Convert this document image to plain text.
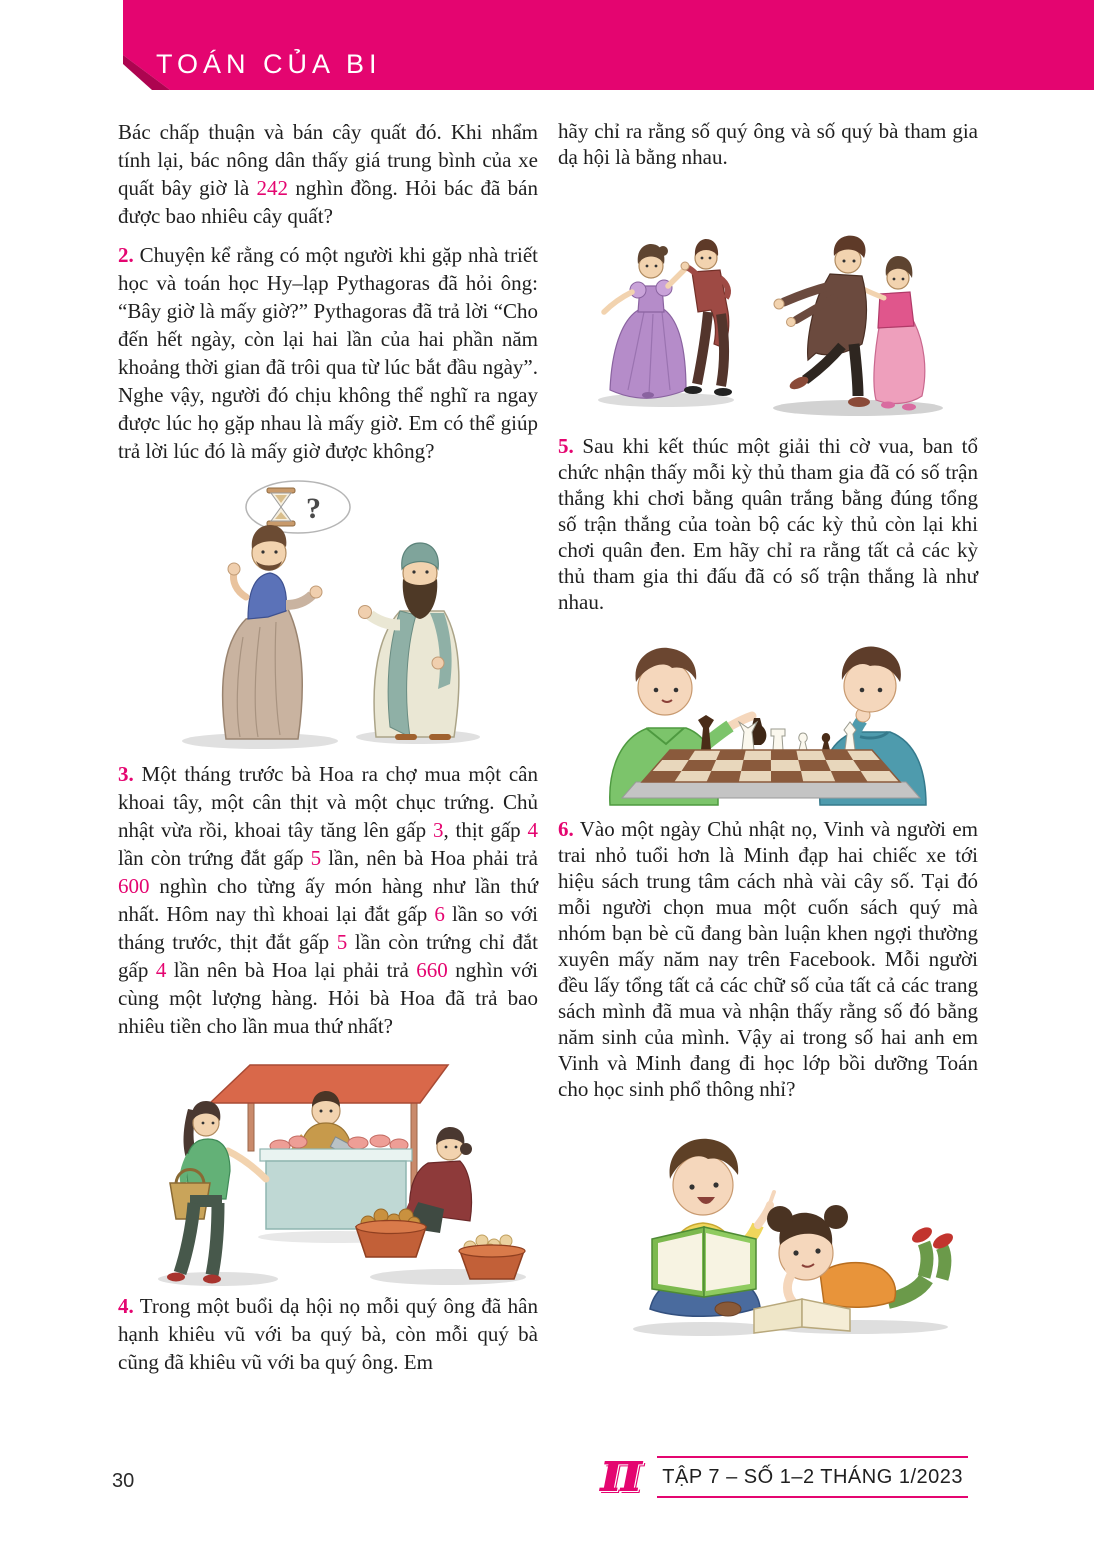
TOÁN CỦA BI

Bác chấp thuận và bán cây quất đó. Khi nhẩm tính lại, bác nông dân thấy giá trung bình của xe quất bây giờ là 242 nghìn đồng. Hỏi bác đã bán được bao nhiêu cây quất?

2. Chuyện kể rằng có một người khi gặp nhà triết học và toán học Hy–lạp Pythagoras đã hỏi ông: “Bây giờ là mấy giờ?” Pythagoras đã trả lời “Cho đến hết ngày, còn lại hai lần của hai phần năm khoảng thời gian đã trôi qua từ lúc bắt đầu ngày”. Nghe vậy, người đó chịu không thể nghĩ ra ngay được lúc họ gặp nhau là mấy giờ. Em có thể giúp trả lời lúc đó là mấy giờ được không?

?

3. Một tháng trước bà Hoa ra chợ mua một cân khoai tây, một cân thịt và một chục trứng. Chủ nhật vừa rồi, khoai tây tăng lên gấp 3, thịt gấp 4 lần còn trứng đắt gấp 5 lần, nên bà Hoa phải trả 600 nghìn cho từng ấy món hàng như lần thứ nhất. Hôm nay thì khoai lại đắt gấp 6 lần so với tháng trước, thịt đắt gấp 5 lần còn trứng chỉ đắt gấp 4 lần nên bà Hoa lại phải trả 660 nghìn với cùng một lượng hàng. Hỏi bà Hoa đã trả bao nhiêu tiền cho lần mua thứ nhất?

4. Trong một buổi dạ hội nọ mỗi quý ông đã hân hạnh khiêu vũ với ba quý bà, còn mỗi quý bà cũng đã khiêu vũ với ba quý ông. Em

hãy chỉ ra rằng số quý ông và số quý bà tham gia dạ hội là bằng nhau.

5. Sau khi kết thúc một giải thi cờ vua, ban tổ chức nhận thấy mỗi kỳ thủ tham gia đã có số trận thắng khi chơi bằng quân trắng bằng đúng tổng số trận thắng của toàn bộ các kỳ thủ còn lại khi chơi quân đen. Em hãy chỉ ra rằng tất cả các kỳ thủ tham gia thi đấu đã có số trận thắng là như nhau.

6. Vào một ngày Chủ nhật nọ, Vinh và người em trai nhỏ tuổi hơn là Minh đạp hai chiếc xe tới hiệu sách trung tâm cách nhà vài cây số. Tại đó mỗi người chọn mua một cuốn sách quý mà nhóm bạn bè cũ đang bàn luận khen ngợi thường xuyên mấy năm nay trên Facebook. Mỗi người đều lấy tổng tất cả các chữ số của tất cả các trang sách mình đã mua và nhận thấy rằng số đó bằng năm sinh của mình. Vậy ai trong số hai anh em Vinh và Minh đang đi học lớp bồi dưỡng Toán cho học sinh phổ thông nhỉ?

30	π TẬP 7 – SỐ 1–2 THÁNG 1/2023
